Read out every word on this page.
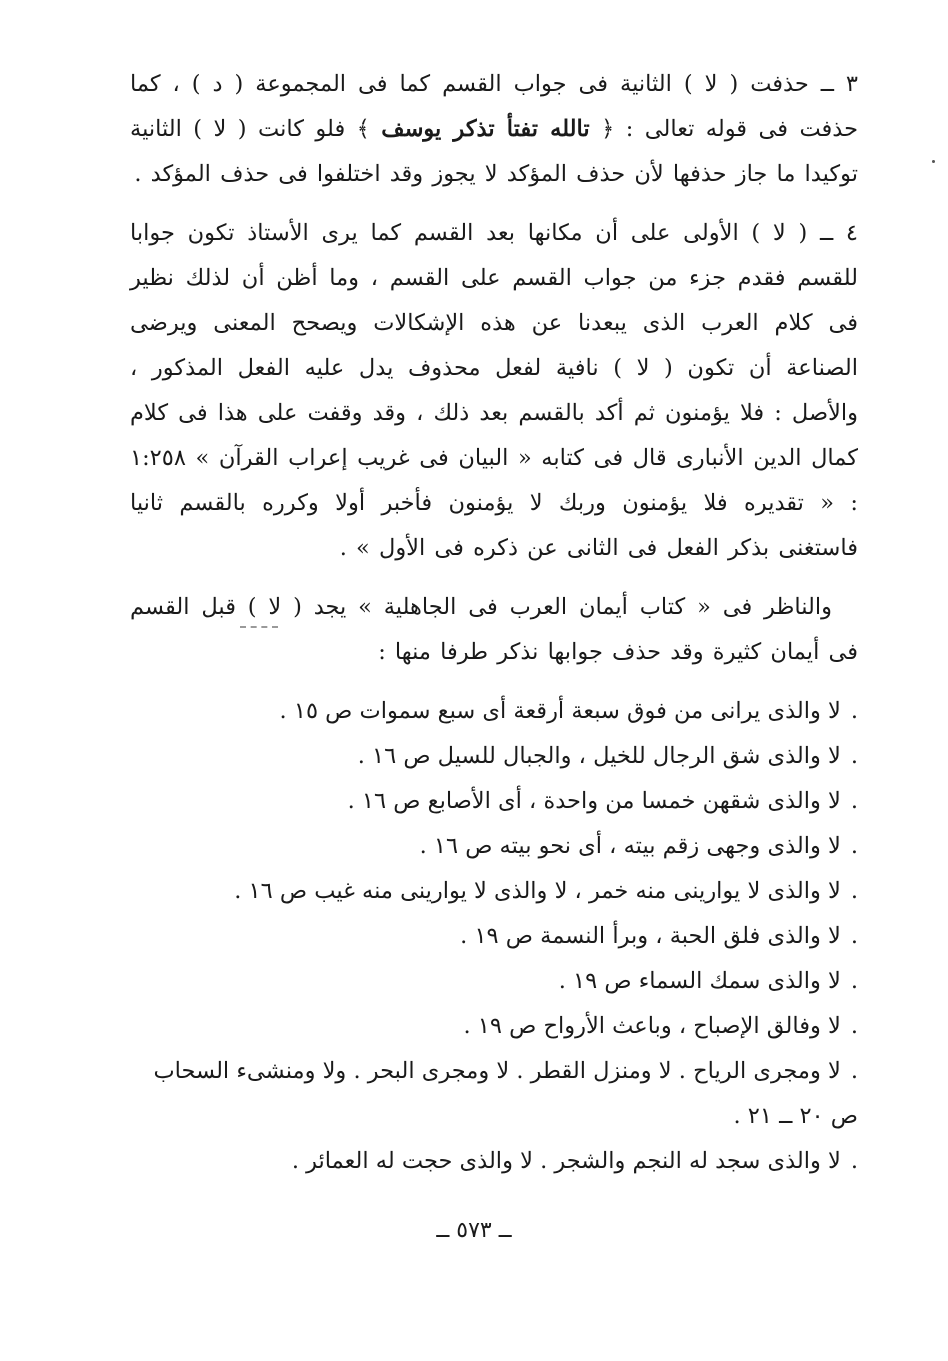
٣ ــ حذفت ( لا ) الثانية فى جواب القسم كما فى المجموعة ( د ) ، كما حذفت فى قوله تعالى : ﴿ تالله تفتأ تذكر يوسف ﴾ فلو كانت ( لا ) الثانية توكيدا ما جاز حذفها لأن حذف المؤكد لا يجوز وقد اختلفوا فى حذف المؤكد .

٤ ــ ( لا ) الأولى على أن مكانها بعد القسم كما يرى الأستاذ تكون جوابا للقسم فقدم جزء من جواب القسم على القسم ، وما أظن أن لذلك نظير فى كلام العرب الذى يبعدنا عن هذه الإشكالات ويصحح المعنى ويرضى الصناعة أن تكون ( لا ) نافية لفعل محذوف يدل عليه الفعل المذكور ، والأصل : فلا يؤمنون ثم أكد بالقسم بعد ذلك ، وقد وقفت على هذا فى كلام كمال الدين الأنبارى قال فى كتابه « البيان فى غريب إعراب القرآن » ١:٢٥٨ : « تقديره فلا يؤمنون وربك لا يؤمنون فأخبر أولا وكرره بالقسم ثانيا فاستغنى بذكر الفعل فى الثانى عن ذكره فى الأول » .

والناظر فى « كتاب أيمان العرب فى الجاهلية » يجد ( لا ) قبل القسم فى أيمان كثيرة وقد حذف جوابها نذكر طرفا منها :

.لا والذى يرانى من فوق سبعة أرقعة أى سبع سموات ص ١٥ .
.لا والذى شق الرجال للخيل ، والجبال للسيل ص ١٦ .
.لا والذى شقهن خمسا من واحدة ، أى الأصابع ص ١٦ .
.لا والذى وجهى زقم بيته ، أى نحو بيته ص ١٦ .
.لا والذى لا يوارينى منه خمر ، لا والذى لا يوارينى منه غيب ص ١٦ .
.لا والذى فلق الحبة ، وبرأ النسمة ص ١٩ .
.لا والذى سمك السماء ص ١٩ .
.لا وفالق الإصباح ، وباعث الأرواح ص ١٩ .
.لا ومجرى الرياح . لا ومنزل القطر . لا ومجرى البحر . ولا ومنشىء السحاب ص ٢٠ ــ ٢١ .
.لا والذى سجد له النجم والشجر . لا والذى حجت له العمائر .
ــ ٥٧٣ ــ
